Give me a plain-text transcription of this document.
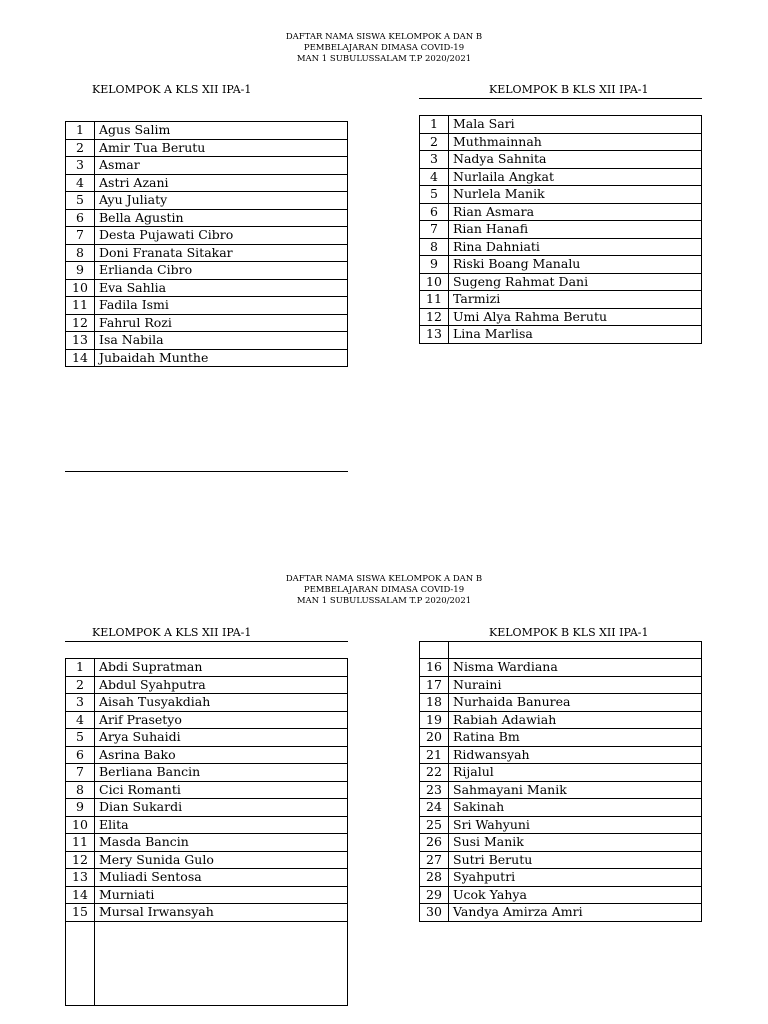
DAFTAR NAMA SISWA KELOMPOK A DAN B
PEMBELAJARAN DIMASA COVID-19
MAN 1 SUBULUSSALAM T.P 2020/2021
KELOMPOK A KLS XII IPA-1	KELOMPOK B KLS XII IPA-1
1	Agus Salim
2	Amir Tua Berutu
3	Asmar
4	Astri Azani
5	Ayu Juliaty
6	Bella Agustin
7	Desta Pujawati Cibro
8	Doni Franata Sitakar
9	Erlianda Cibro
10	Eva Sahlia
11	Fadila Ismi
12	Fahrul Rozi
13	Isa Nabila
14	Jubaidah Munthe
1	Mala Sari
2	Muthmainnah
3	Nadya Sahnita
4	Nurlaila Angkat
5	Nurlela Manik
6	Rian Asmara
7	Rian Hanafi
8	Rina Dahniati
9	Riski Boang Manalu
10	Sugeng Rahmat Dani
11	Tarmizi
12	Umi Alya Rahma Berutu
13	Lina Marlisa
DAFTAR NAMA SISWA KELOMPOK A DAN B
PEMBELAJARAN DIMASA COVID-19
MAN 1 SUBULUSSALAM T.P 2020/2021
KELOMPOK A KLS XII IPA-1	KELOMPOK B KLS XII IPA-1
1	Abdi Supratman
2	Abdul Syahputra
3	Aisah Tusyakdiah
4	Arif Prasetyo
5	Arya Suhaidi
6	Asrina Bako
7	Berliana Bancin
8	Cici Romanti
9	Dian Sukardi
10	Elita
11	Masda Bancin
12	Mery Sunida Gulo
13	Muliadi Sentosa
14	Murniati
15	Mursal Irwansyah

16	Nisma Wardiana
17	Nuraini
18	Nurhaida Banurea
19	Rabiah Adawiah
20	Ratina Bm
21	Ridwansyah
22	Rijalul
23	Sahmayani Manik
24	Sakinah
25	Sri Wahyuni
26	Susi Manik
27	Sutri Berutu
28	Syahputri
29	Ucok Yahya
30	Vandya Amirza Amri
